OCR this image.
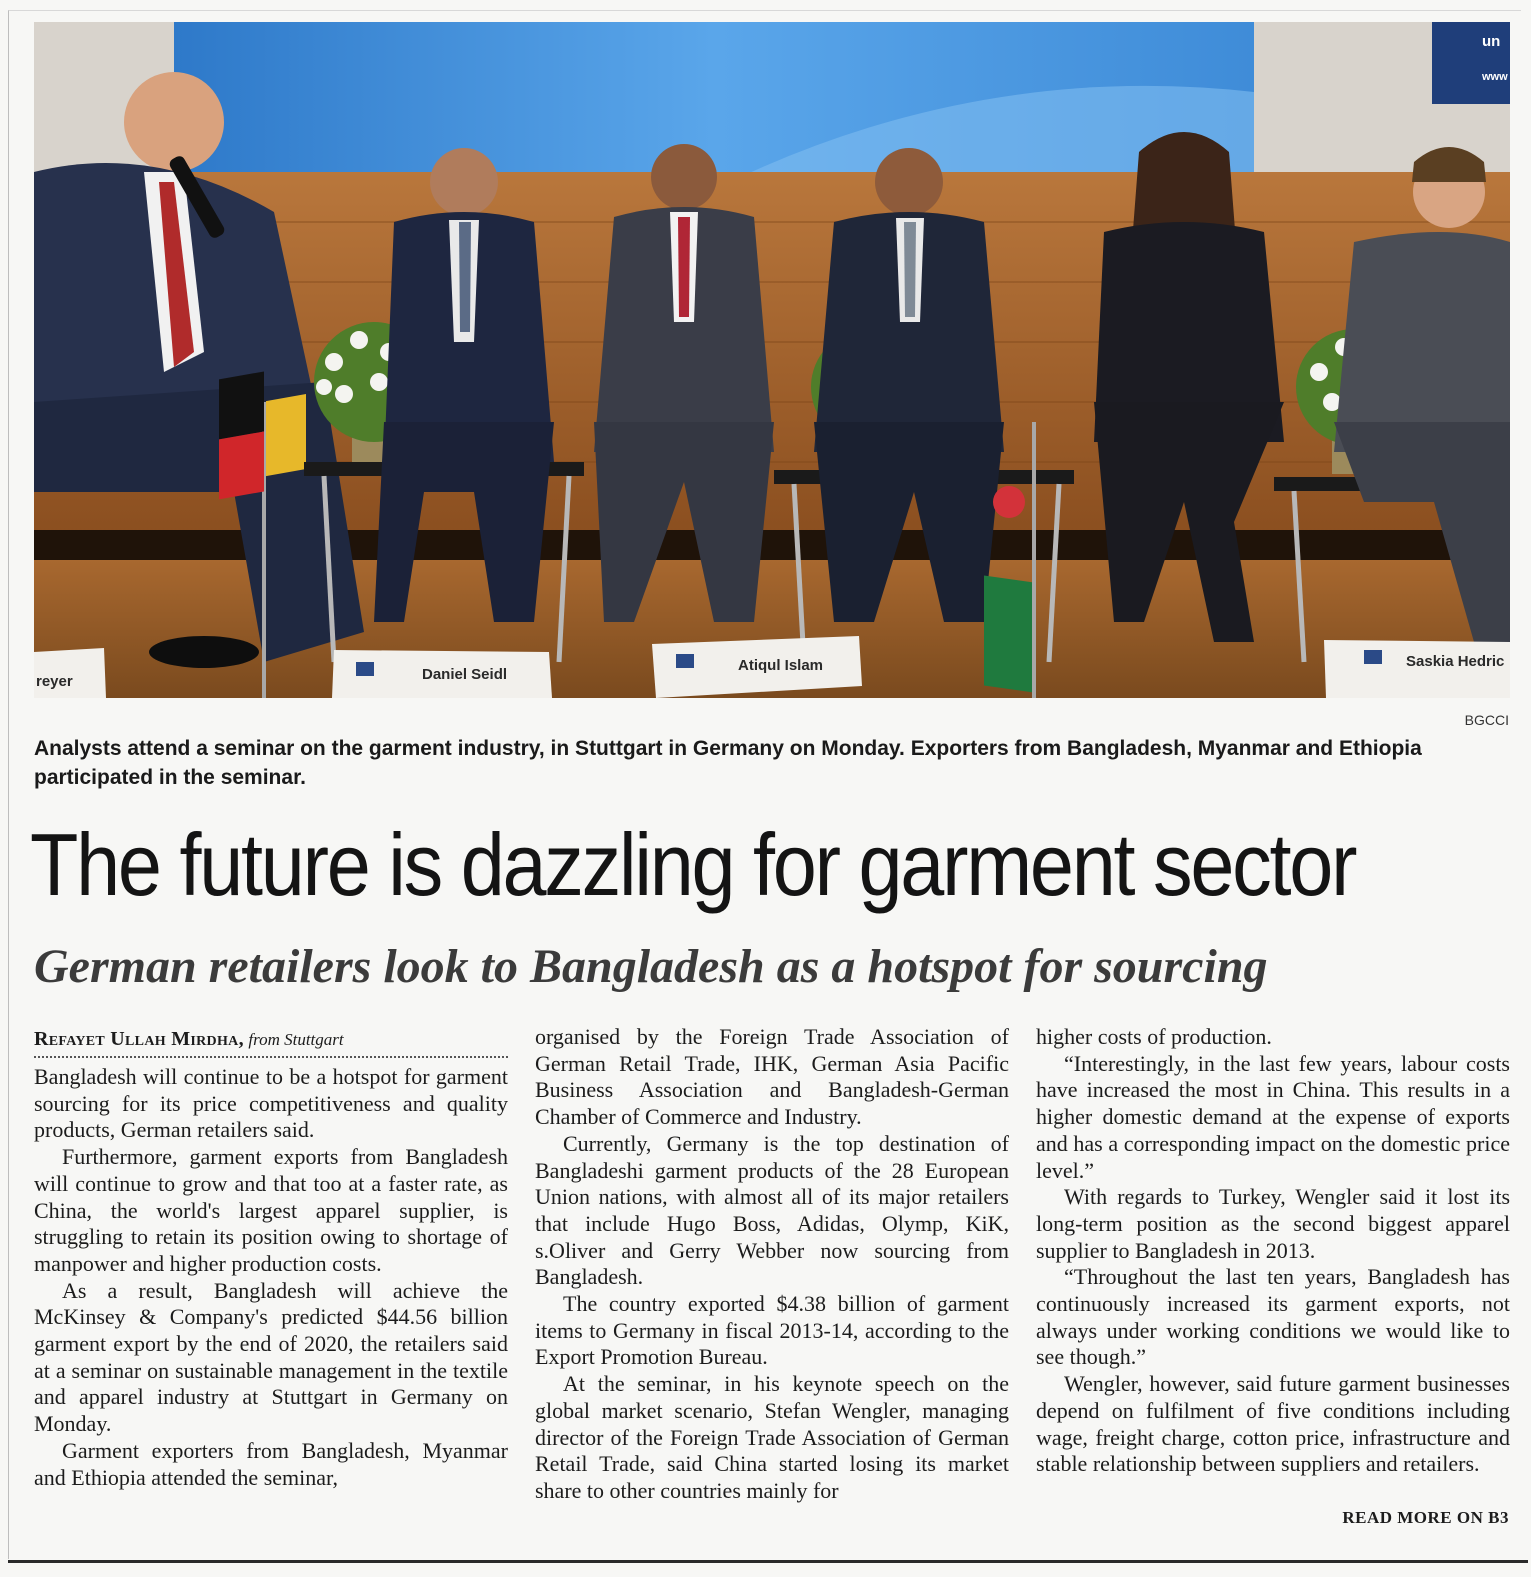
reyer	Daniel Seidl
Atiqul Islam	Saskia Hedric
un
www
BGCCI
Analysts attend a seminar on the garment industry, in Stuttgart in Germany on Monday. Exporters from Bangladesh, Myanmar and Ethiopia participated in the seminar.
The future is dazzling for garment sector
German retailers look to Bangladesh as a hotspot for sourcing
Refayet Ullah Mirdha, from Stuttgart

Bangladesh will continue to be a hotspot for garment sourcing for its price competitiveness and quality products, German retailers said.

Furthermore, garment exports from Bangladesh will continue to grow and that too at a faster rate, as China, the world's largest apparel supplier, is struggling to retain its position owing to shortage of manpower and higher production costs.

As a result, Bangladesh will achieve the McKinsey & Company's predicted $44.56 billion garment export by the end of 2020, the retailers said at a seminar on sustainable management in the textile and apparel industry at Stuttgart in Germany on Monday.

Garment exporters from Bangladesh, Myanmar and Ethiopia attended the seminar,

organised by the Foreign Trade Association of German Retail Trade, IHK, German Asia Pacific Business Association and Bangladesh-German Chamber of Commerce and Industry.

Currently, Germany is the top destination of Bangladeshi garment products of the 28 European Union nations, with almost all of its major retailers that include Hugo Boss, Adidas, Olymp, KiK, s.Oliver and Gerry Webber now sourcing from Bangladesh.

The country exported $4.38 billion of garment items to Germany in fiscal 2013-14, according to the Export Promotion Bureau.

At the seminar, in his keynote speech on the global market scenario, Stefan Wengler, managing director of the Foreign Trade Association of German Retail Trade, said China started losing its market share to other countries mainly for

higher costs of production.

“Interestingly, in the last few years, labour costs have increased the most in China. This results in a higher domestic demand at the expense of exports and has a corresponding impact on the domestic price level.”

With regards to Turkey, Wengler said it lost its long-term position as the second biggest apparel supplier to Bangladesh in 2013.

“Throughout the last ten years, Bangladesh has continuously increased its garment exports, not always under working conditions we would like to see though.”

Wengler, however, said future garment businesses depend on fulfilment of five conditions including wage, freight charge, cotton price, infrastructure and stable relationship between suppliers and retailers.

READ MORE ON B3
